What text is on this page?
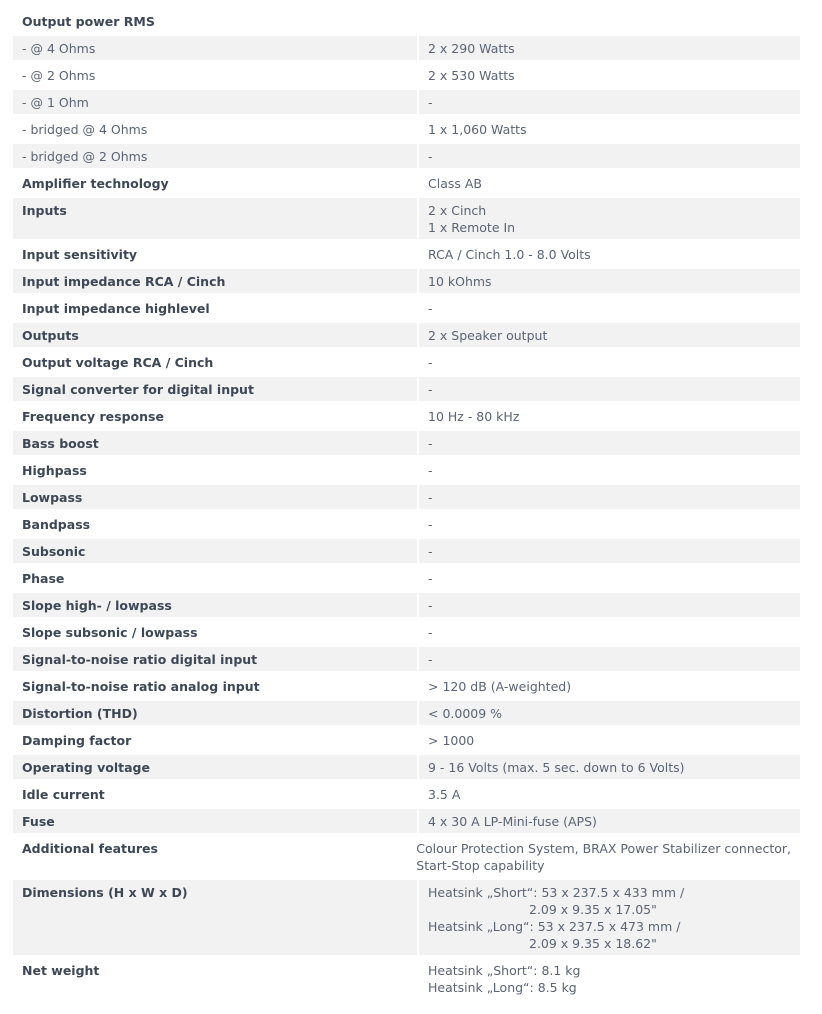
Output power RMS
- @ 4 Ohms	2 x 290 Watts
- @ 2 Ohms	2 x 530 Watts
- @ 1 Ohm	-
- bridged @ 4 Ohms	1 x 1,060 Watts
- bridged @ 2 Ohms	-
Amplifier technology	Class AB
Inputs	2 x Cinch
1 x Remote In
Input sensitivity	RCA / Cinch 1.0 - 8.0 Volts
Input impedance RCA / Cinch	10 kOhms
Input impedance highlevel	-
Outputs	2 x Speaker output
Output voltage RCA / Cinch	-
Signal converter for digital input	-
Frequency response	10 Hz - 80 kHz
Bass boost	-
Highpass	-
Lowpass	-
Bandpass	-
Subsonic	-
Phase	-
Slope high- / lowpass	-
Slope subsonic / lowpass	-
Signal-to-noise ratio digital input	-
Signal-to-noise ratio analog input	> 120 dB (A-weighted)
Distortion (THD)	< 0.0009 %
Damping factor	> 1000
Operating voltage	9 - 16 Volts (max. 5 sec. down to 6 Volts)
Idle current	3.5 A
Fuse	4 x 30 A LP-Mini-fuse (APS)
Additional features	Colour Protection System, BRAX Power Stabilizer connector,
Start-Stop capability
Dimensions (H x W x D)	Heatsink „Short“: 53 x 237.5 x 433 mm /
2.09 x 9.35 x 17.05"
Heatsink „Long“: 53 x 237.5 x 473 mm /
2.09 x 9.35 x 18.62"
Net weight	Heatsink „Short“: 8.1 kg
Heatsink „Long“: 8.5 kg
